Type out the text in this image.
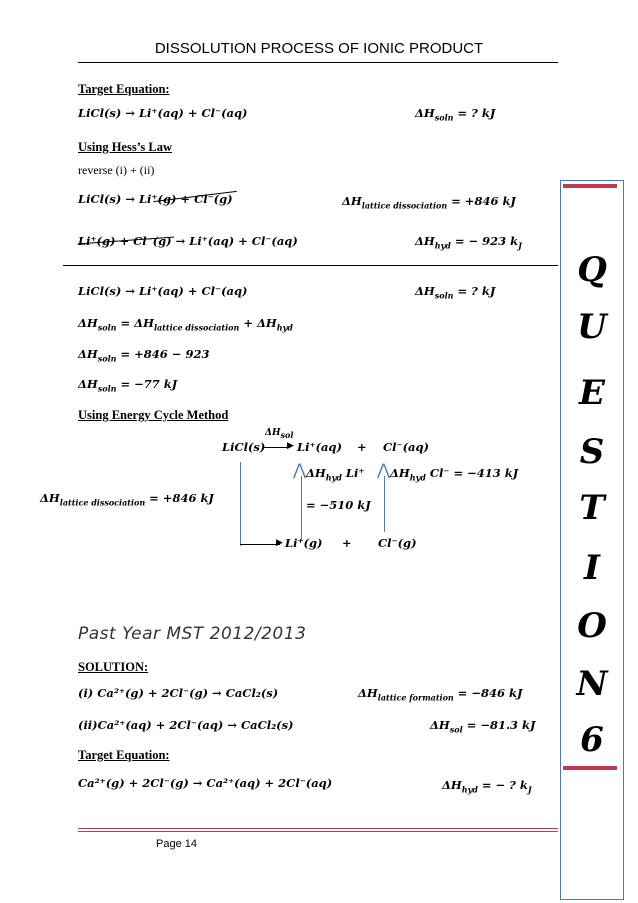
DISSOLUTION PROCESS OF IONIC PRODUCT
Target Equation:
LiCl(s) → Li⁺(aq) + Cl⁻(aq)	$\Delta H_{soln}$ = ? kJ
Using Hess’s Law
reverse (i) + (ii)
LiCl(s) → Li⁺(g) + Cl⁻(g)	$\Delta H_{lattice dissociation} = +846$ kJ
Li⁺(g) + Cl⁻(g) → Li⁺(aq) + Cl⁻(aq)	$\Delta H_{hyd}$ = − 923 $k_J$
LiCl(s) → Li⁺(aq) + Cl⁻(aq)	$\Delta H_{soln}$ = ? kJ
$\Delta H_{soln} = \Delta H_{lattice dissociation} + \Delta H_{hyd}$
$\Delta H_{soln} = +846 - 923$
$\Delta H_{soln} = -77$ kJ
Using Energy Cycle Method
LiCl(s)
$\Delta H_{sol}$
▶ Li⁺(aq) + Cl⁻(aq)
⋀ $\Delta H_{hyd}$ Li⁺ ⋀ $\Delta H_{hyd}$ Cl⁻ = −413 kJ
= −510 kJ
$\Delta H_{lattice dissociation} = +846$ kJ
▶ Li⁺(g) + Cl⁻(g)
Past Year MST 2012/2013
SOLUTION:
(i) Ca²⁺(g) + 2Cl⁻(g) → CaCl₂(s)	$\Delta H_{lattice formation} = -846$ kJ
(ii)Ca²⁺(aq) + 2Cl⁻(aq) → CaCl₂(s)	$\Delta H_{sol} = -81.3$ kJ
Target Equation:
Ca²⁺(g) + 2Cl⁻(g) → Ca²⁺(aq) + 2Cl⁻(aq)	$\Delta H_{hyd}$ = − ? $k_J$
Page 14
Q
U
E
S
T
I
O
N
6
